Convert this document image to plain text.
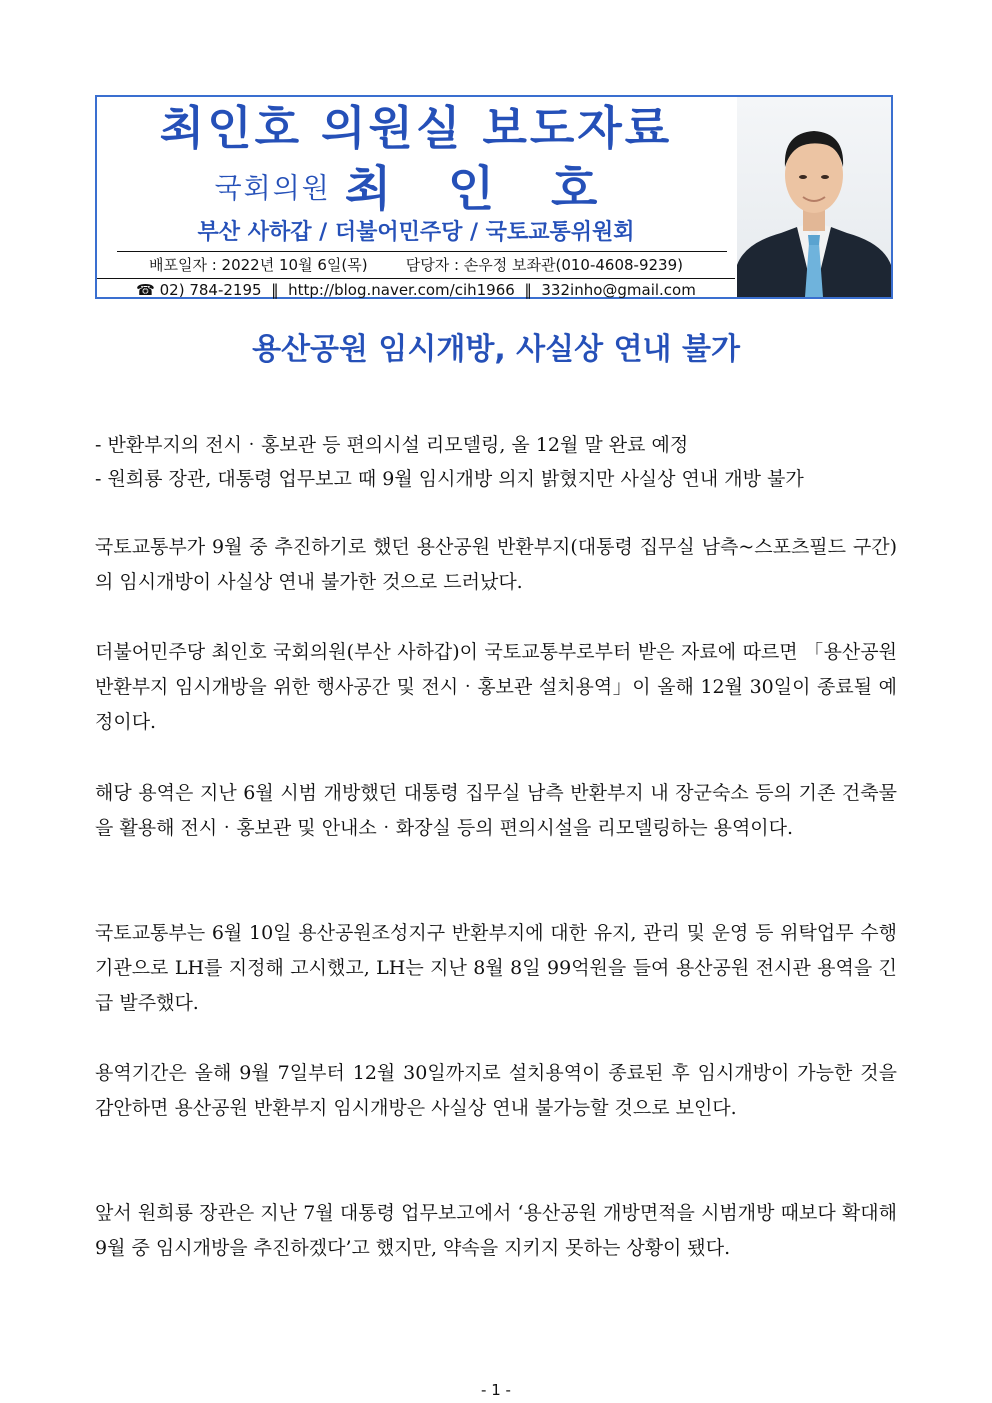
최인호 의원실 보도자료
국회의원 최 인 호
부산 사하갑 / 더불어민주당 / 국토교통위원회
배포일자 : 2022년 10월 6일(목)	담당자 : 손우정 보좌관(010-4608-9239)
☎ 02) 784-2195 ‖ http://blog.naver.com/cih1966 ‖ 332inho@gmail.com
용산공원 임시개방, 사실상 연내 불가
- 반환부지의 전시‧홍보관 등 편의시설 리모델링, 올 12월 말 완료 예정
- 원희룡 장관, 대통령 업무보고 때 9월 임시개방 의지 밝혔지만 사실상 연내 개방 불가
국토교통부가 9월 중 추진하기로 했던 용산공원 반환부지(대통령 집무실 남측~스포츠필드 구간)의 임시개방이 사실상 연내 불가한 것으로 드러났다.
더불어민주당 최인호 국회의원(부산 사하갑)이 국토교통부로부터 받은 자료에 따르면 「용산공원 반환부지 임시개방을 위한 행사공간 및 전시‧홍보관 설치용역」이 올해 12월 30일이 종료될 예정이다.
해당 용역은 지난 6월 시범 개방했던 대통령 집무실 남측 반환부지 내 장군숙소 등의 기존 건축물을 활용해 전시‧홍보관 및 안내소‧화장실 등의 편의시설을 리모델링하는 용역이다.
국토교통부는 6월 10일 용산공원조성지구 반환부지에 대한 유지, 관리 및 운영 등 위탁업무 수행기관으로 LH를 지정해 고시했고, LH는 지난 8월 8일 99억원을 들여 용산공원 전시관 용역을 긴급 발주했다.
용역기간은 올해 9월 7일부터 12월 30일까지로 설치용역이 종료된 후 임시개방이 가능한 것을 감안하면 용산공원 반환부지 임시개방은 사실상 연내 불가능할 것으로 보인다.
앞서 원희룡 장관은 지난 7월 대통령 업무보고에서 ‘용산공원 개방면적을 시범개방 때보다 확대해 9월 중 임시개방을 추진하겠다’고 했지만, 약속을 지키지 못하는 상황이 됐다.
- 1 -
